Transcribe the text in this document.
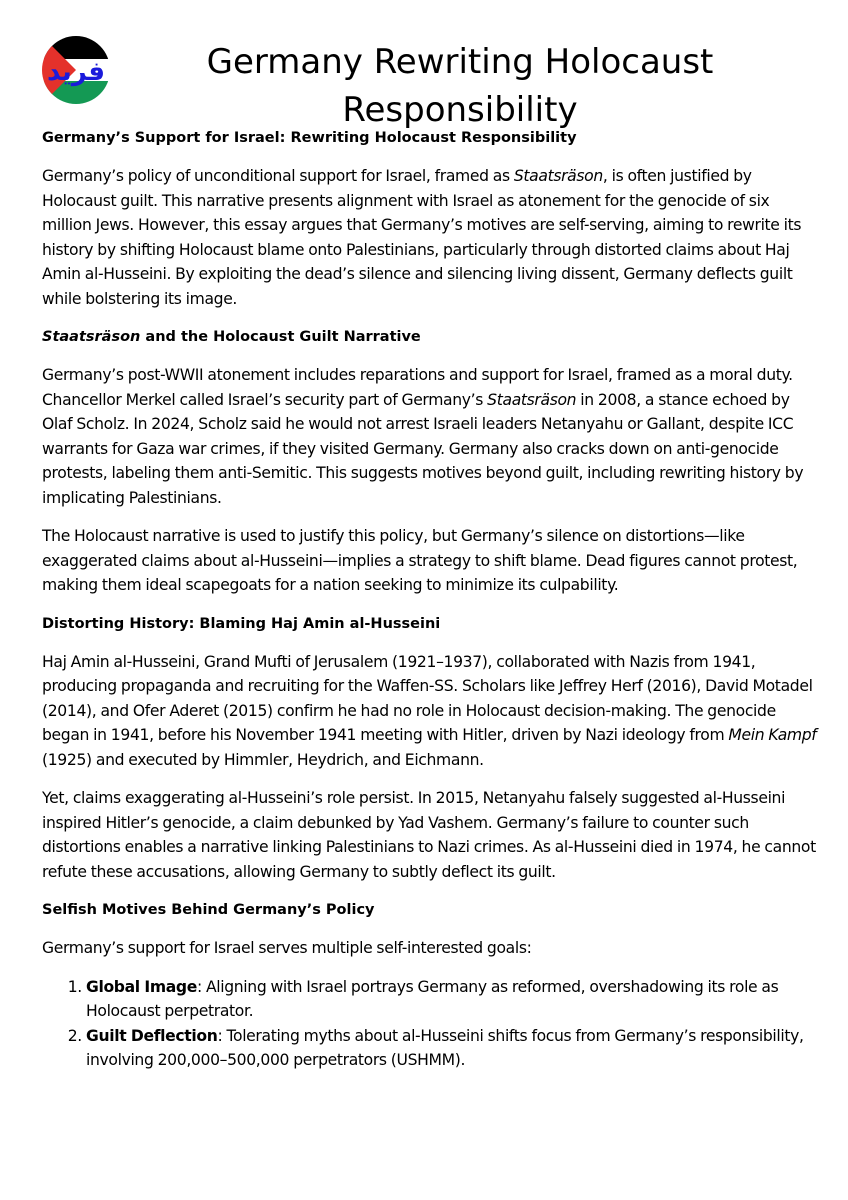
فريد	Germany Rewriting Holocaust Responsibility
Germany’s Support for Israel: Rewriting Holocaust Responsibility

Germany’s policy of unconditional support for Israel, framed as Staatsräson, is often justified by Holocaust guilt. This narrative presents alignment with Israel as atonement for the genocide of six million Jews. However, this essay argues that Germany’s motives are self-serving, aiming to rewrite its history by shifting Holocaust blame onto Palestinians, particularly through distorted claims about Haj Amin al-Husseini. By exploiting the dead’s silence and silencing living dissent, Germany deflects guilt while bolstering its image.

Staatsräson and the Holocaust Guilt Narrative

Germany’s post-WWII atonement includes reparations and support for Israel, framed as a moral duty. Chancellor Merkel called Israel’s security part of Germany’s Staatsräson in 2008, a stance echoed by Olaf Scholz. In 2024, Scholz said he would not arrest Israeli leaders Netanyahu or Gallant, despite ICC warrants for Gaza war crimes, if they visited Germany. Germany also cracks down on anti-genocide protests, labeling them anti-Semitic. This suggests motives beyond guilt, including rewriting history by implicating Palestinians.

The Holocaust narrative is used to justify this policy, but Germany’s silence on distortions—like exaggerated claims about al-Husseini—implies a strategy to shift blame. Dead figures cannot protest, making them ideal scapegoats for a nation seeking to minimize its culpability.

Distorting History: Blaming Haj Amin al-Husseini

Haj Amin al-Husseini, Grand Mufti of Jerusalem (1921–1937), collaborated with Nazis from 1941, producing propaganda and recruiting for the Waffen-SS. Scholars like Jeffrey Herf (2016), David Motadel (2014), and Ofer Aderet (2015) confirm he had no role in Holocaust decision-making. The genocide began in 1941, before his November 1941 meeting with Hitler, driven by Nazi ideology from Mein Kampf (1925) and executed by Himmler, Heydrich, and Eichmann.

Yet, claims exaggerating al-Husseini’s role persist. In 2015, Netanyahu falsely suggested al-Husseini inspired Hitler’s genocide, a claim debunked by Yad Vashem. Germany’s failure to counter such distortions enables a narrative linking Palestinians to Nazi crimes. As al-Husseini died in 1974, he cannot refute these accusations, allowing Germany to subtly deflect its guilt.

Selfish Motives Behind Germany’s Policy

Germany’s support for Israel serves multiple self-interested goals:

1. Global Image: Aligning with Israel portrays Germany as reformed, overshadowing its role as Holocaust perpetrator.
2. Guilt Deflection: Tolerating myths about al-Husseini shifts focus from Germany’s responsibility, involving 200,000–500,000 perpetrators (USHMM).
